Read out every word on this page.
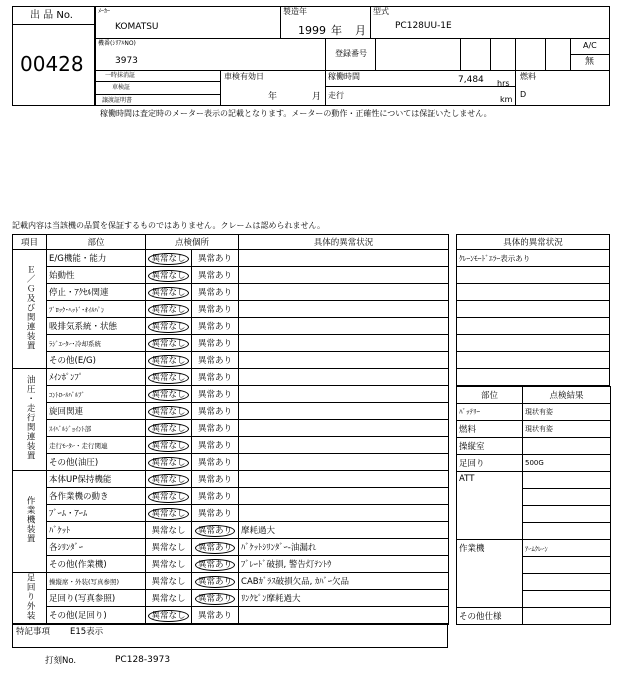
出 品 No.
00428
ﾒｰｶｰ
KOMATSU
製造年
1999 年 月
型式
PC128UU-1E
機番(ｼﾘｱﾙNO)
3973
登録番号
A/C
無
一時抹消証
車検証
譲渡証明書
車検有効日
年	月
稼働時間	7,484 hrs
走行	km
燃料
D
稼働時間は査定時のメーター表示の記載となります。メーターの動作・正確性については保証いたしません。
記載内容は当該機の品質を保証するものではありません。クレームは認められません。
項目	部位	点検個所		具体的異常状況
Ｅ／Ｇ及び関連装置	E/G機能・能力	異常なし	異常あり	
	始動性	異常なし	異常あり	
	停止・ｱｸｾﾙ関連	異常なし	異常あり	
	ﾌﾞﾛｯｸ･ﾍｯﾄﾞ･ｵｲﾙﾊﾟﾝ	異常なし	異常あり	
	吸排気系統・状態	異常なし	異常あり	
	ﾗｼﾞｴｰﾀｰ･冷却系統	異常なし	異常あり	
	その他(E/G)	異常なし	異常あり	
油圧・走行関連装置	ﾒｲﾝﾎﾟﾝﾌﾟ	異常なし	異常あり	
	ｺﾝﾄﾛｰﾙﾊﾞﾙﾌﾞ	異常なし	異常あり	
	旋回関連	異常なし	異常あり	
	ｽｲﾍﾞﾙｼﾞｮｲﾝﾄ部	異常なし	異常あり	
	走行ﾓｰﾀｰ・走行関連	異常なし	異常あり	
	その他(油圧)	異常なし	異常あり	
作業機装置	本体UP保持機能	異常なし	異常あり	
	各作業機の動き	異常なし	異常あり	
	ﾌﾞｰﾑ・ｱｰﾑ	異常なし	異常あり	
	ﾊﾞｹｯﾄ	異常なし	異常あり	摩耗過大
	各ｼﾘﾝﾀﾞｰ	異常なし	異常あり	ﾊﾞｹｯﾄｼﾘﾝﾀﾞｰ-油漏れ
	その他(作業機)	異常なし	異常あり	ﾌﾞﾚｰﾄﾞ破損, 警告灯ﾃﾝﾄｳ
足回り外装	操縦席・外装(写真参照)	異常なし	異常あり	CABｶﾞﾗｽ破損欠品, ｶﾊﾞｰ欠品
	足回り(写真参照)	異常なし	異常あり	ﾘﾝｸﾋﾟﾝ摩耗過大
	その他(足回り)	異常なし	異常あり	
特記事項 E15表示
打刻No.	PC128-3973
具体的異常状況
ｸﾚｰﾝﾓｰﾄﾞｴﾗｰ表示あり

部位	点検結果
ﾊﾞｯﾃﾘｰ	現状有姿
燃料	現状有姿
操縦室	
足回り	500G
ATT	

作業機	ｱｰﾑｸﾚｰﾝ

その他仕様	
